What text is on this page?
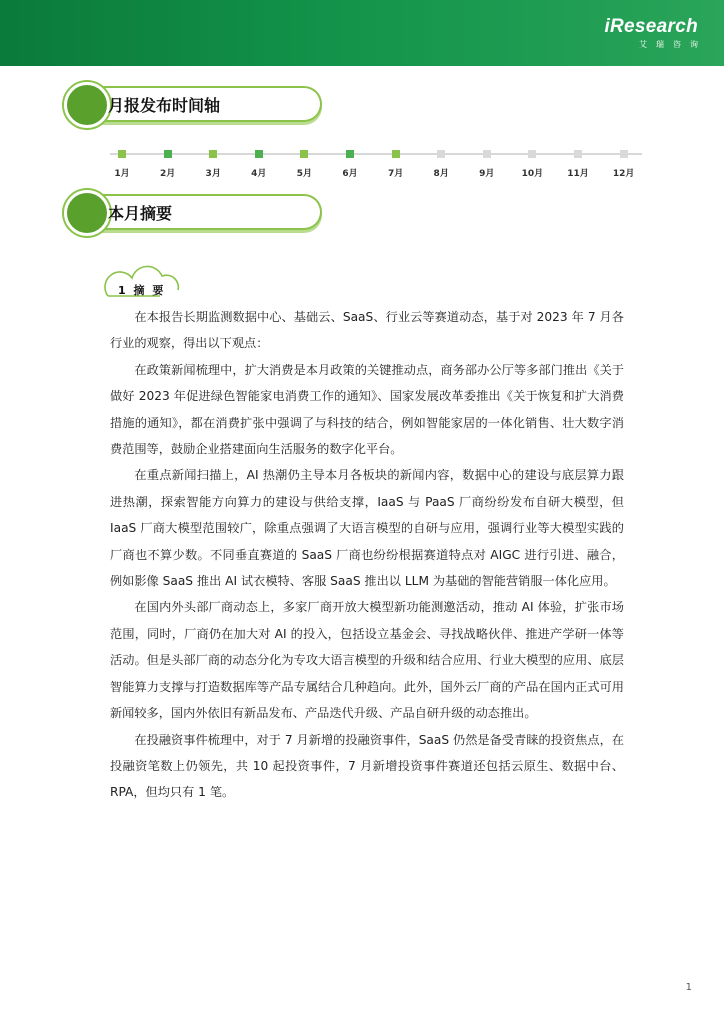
iResearch
艾瑞咨询
月报发布时间轴
1月	2月	3月	4月	5月	6月	7月	8月	9月	10月	11月	12月
本月摘要
1 摘 要

在本报告长期监测数据中心、基础云、SaaS、行业云等赛道动态，基于对 2023 年 7 月各行业的观察，得出以下观点：

在政策新闻梳理中，扩大消费是本月政策的关键推动点，商务部办公厅等多部门推出《关于做好 2023 年促进绿色智能家电消费工作的通知》、国家发展改革委推出《关于恢复和扩大消费措施的通知》，都在消费扩张中强调了与科技的结合，例如智能家居的一体化销售、壮大数字消费范围等，鼓励企业搭建面向生活服务的数字化平台。

在重点新闻扫描上，AI 热潮仍主导本月各板块的新闻内容，数据中心的建设与底层算力跟进热潮，探索智能方向算力的建设与供给支撑，IaaS 与 PaaS 厂商纷纷发布自研大模型，但 IaaS 厂商大模型范围较广，除重点强调了大语言模型的自研与应用，强调行业等大模型实践的厂商也不算少数。不同垂直赛道的 SaaS 厂商也纷纷根据赛道特点对 AIGC 进行引进、融合，例如影像 SaaS 推出 AI 试衣模特、客服 SaaS 推出以 LLM 为基础的智能营销服一体化应用。

在国内外头部厂商动态上，多家厂商开放大模型新功能测邀活动，推动 AI 体验，扩张市场范围，同时，厂商仍在加大对 AI 的投入，包括设立基金会、寻找战略伙伴、推进产学研一体等活动。但是头部厂商的动态分化为专攻大语言模型的升级和结合应用、行业大模型的应用、底层智能算力支撑与打造数据库等产品专属结合几种趋向。此外，国外云厂商的产品在国内正式可用新闻较多，国内外依旧有新品发布、产品迭代升级、产品自研升级的动态推出。

在投融资事件梳理中，对于 7 月新增的投融资事件，SaaS 仍然是备受青睐的投资焦点，在投融资笔数上仍领先，共 10 起投资事件，7 月新增投资事件赛道还包括云原生、数据中台、RPA，但均只有 1 笔。

1
